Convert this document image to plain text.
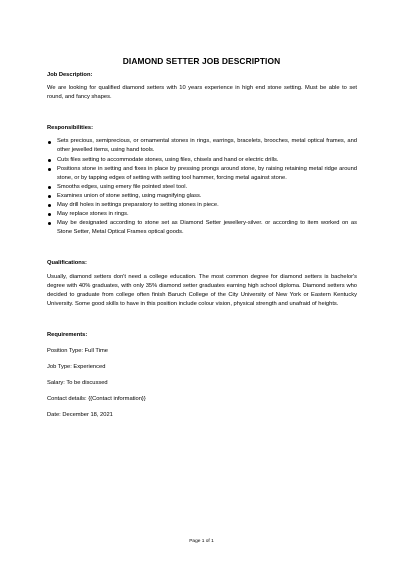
DIAMOND SETTER JOB DESCRIPTION

Job Description:

We are looking for qualified diamond setters with 10 years experience in high end stone setting. Must be able to set round, and fancy shapes.

Responsibilities:

Sets precious, semiprecious, or ornamental stones in rings, earrings, bracelets, brooches, metal optical frames, and other jewelled items, using hand tools.
Cuts files setting to accommodate stones, using files, chisels and hand or electric drills.
Positions stone in setting and fixes in place by pressing prongs around stone, by raising retaining metal ridge around stone, or by tapping edges of setting with setting tool hammer, forcing metal against stone.
Smooths edges, using emery file pointed steel tool.
Examines union of stone setting, using magnifying glass.
May drill holes in settings preparatory to setting stones in piece.
May replace stones in rings.
May be designated according to stone set as Diamond Setter jewellery-silver. or according to item worked on as Stone Setter, Metal Optical Frames optical goods.

Qualifications:

Usually, diamond setters don't need a college education. The most common degree for diamond setters is bachelor's degree with 40% graduates, with only 35% diamond setter graduates earning high school diploma. Diamond setters who decided to graduate from college often finish Baruch College of the City University of New York or Eastern Kentucky University. Some good skills to have in this position include colour vision, physical strength and unafraid of heights.

Requirements:

Position Type: Full Time

Job Type: Experienced

Salary: To be discussed

Contact details: {{Contact information}}

Date: December 18, 2021

Page 1 of 1
